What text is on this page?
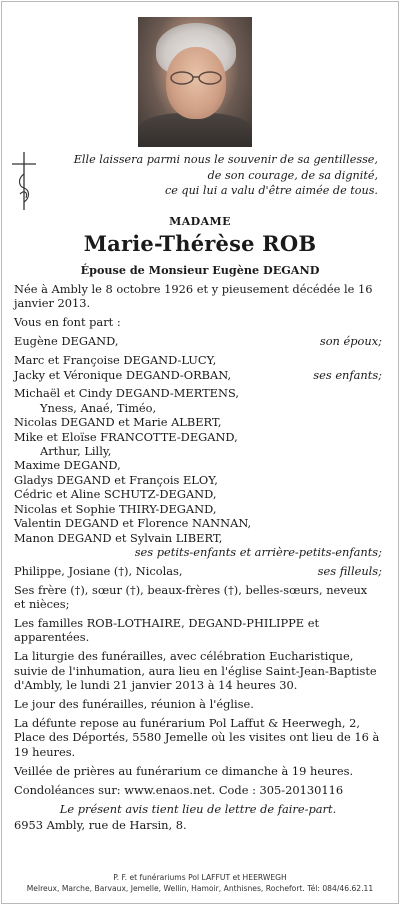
Elle laissera parmi nous le souvenir de sa gentillesse,
de son courage, de sa dignité,
ce qui lui a valu d'être aimée de tous.
MADAME
Marie-Thérèse ROB
Épouse de Monsieur Eugène DEGAND

Née à Ambly le 8 octobre 1926 et y pieusement décédée le 16 janvier 2013.

Vous en font part :

Eugène DEGAND,	son époux;

Marc et Françoise DEGAND-LUCY,
Jacky et Véronique DEGAND-ORBAN,	ses enfants;

Michaël et Cindy DEGAND-MERTENS,
Yness, Anaé, Timéo,
Nicolas DEGAND et Marie ALBERT,
Mike et Eloïse FRANCOTTE-DEGAND,
Arthur, Lilly,
Maxime DEGAND,
Gladys DEGAND et François ELOY,
Cédric et Aline SCHUTZ-DEGAND,
Nicolas et Sophie THIRY-DEGAND,
Valentin DEGAND et Florence NANNAN,
Manon DEGAND et Sylvain LIBERT,
ses petits-enfants et arrière-petits-enfants;

Philippe, Josiane (†), Nicolas,	ses filleuls;

Ses frère (†), sœur (†), beaux-frères (†), belles-sœurs, neveux et nièces;

Les familles ROB-LOTHAIRE, DEGAND-PHILIPPE et apparentées.

La liturgie des funérailles, avec célébration Eucharistique, suivie de l'inhumation, aura lieu en l'église Saint-Jean-Baptiste d'Ambly, le lundi 21 janvier 2013 à 14 heures 30.

Le jour des funérailles, réunion à l'église.

La défunte repose au funérarium Pol Laffut & Heerwegh, 2, Place des Déportés, 5580 Jemelle où les visites ont lieu de 16 à 19 heures.

Veillée de prières au funérarium ce dimanche à 19 heures.

Condoléances sur: www.enaos.net. Code : 305-20130116

Le présent avis tient lieu de lettre de faire-part.

6953 Ambly, rue de Harsin, 8.

P. F. et funérariums Pol LAFFUT et HEERWEGH
Melreux, Marche, Barvaux, Jemelle, Wellin, Hamoir, Anthisnes, Rochefort. Tél: 084/46.62.11
